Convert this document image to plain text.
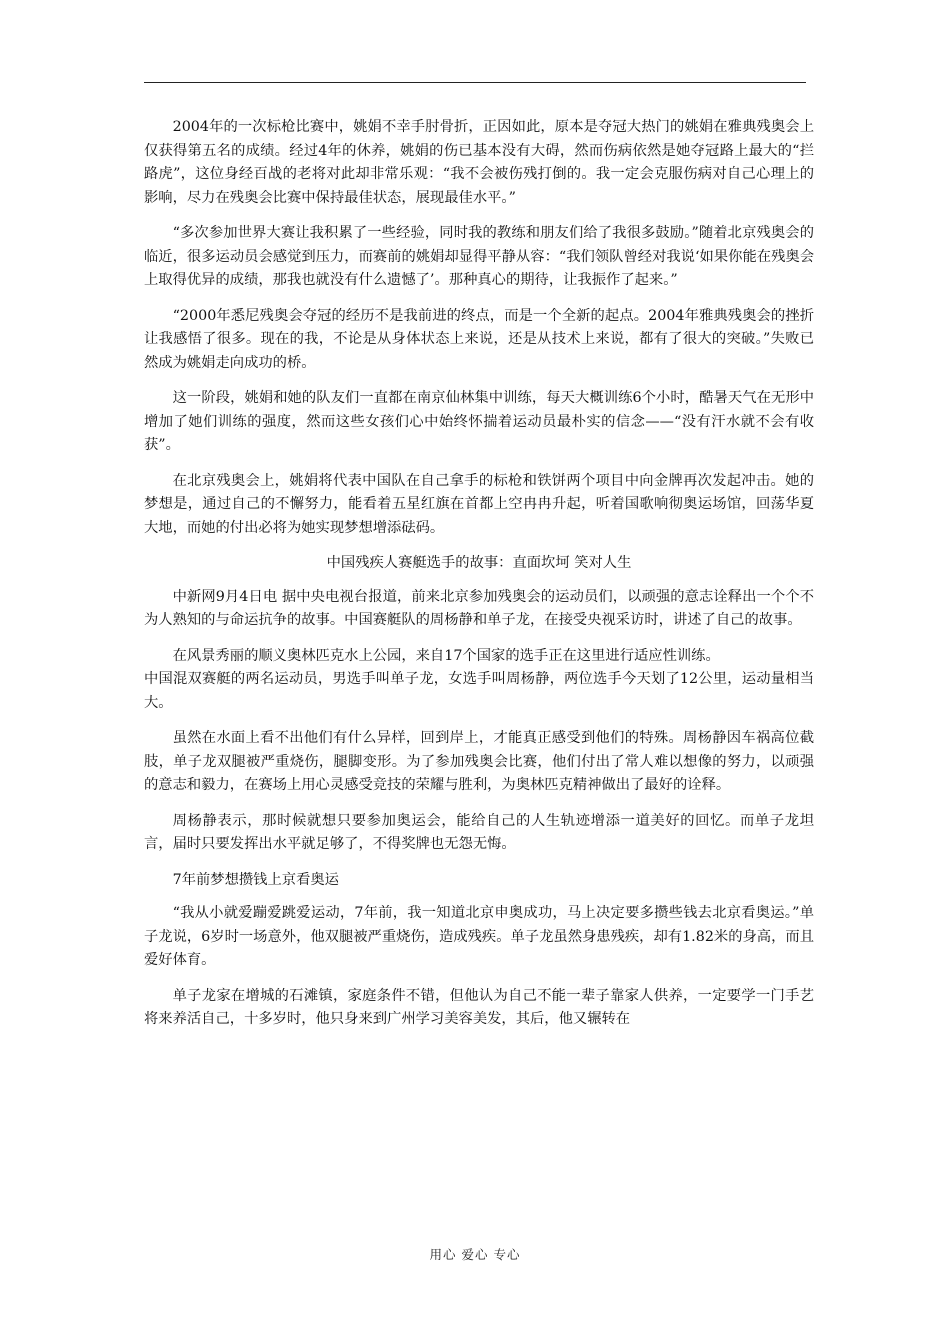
2004年的一次标枪比赛中，姚娟不幸手肘骨折，正因如此，原本是夺冠大热门的姚娟在雅典残奥会上仅获得第五名的成绩。经过4年的休养，姚娟的伤已基本没有大碍，然而伤病依然是她夺冠路上最大的“拦路虎”，这位身经百战的老将对此却非常乐观：“我不会被伤残打倒的。我一定会克服伤病对自己心理上的影响，尽力在残奥会比赛中保持最佳状态，展现最佳水平。”

“多次参加世界大赛让我积累了一些经验，同时我的教练和朋友们给了我很多鼓励。”随着北京残奥会的临近，很多运动员会感觉到压力，而赛前的姚娟却显得平静从容：“我们领队曾经对我说‘如果你能在残奥会上取得优异的成绩，那我也就没有什么遗憾了’。那种真心的期待，让我振作了起来。”

“2000年悉尼残奥会夺冠的经历不是我前进的终点，而是一个全新的起点。2004年雅典残奥会的挫折让我感悟了很多。现在的我，不论是从身体状态上来说，还是从技术上来说，都有了很大的突破。”失败已然成为姚娟走向成功的桥。

这一阶段，姚娟和她的队友们一直都在南京仙林集中训练，每天大概训练6个小时，酷暑天气在无形中增加了她们训练的强度，然而这些女孩们心中始终怀揣着运动员最朴实的信念——“没有汗水就不会有收获”。

在北京残奥会上，姚娟将代表中国队在自己拿手的标枪和铁饼两个项目中向金牌再次发起冲击。她的梦想是，通过自己的不懈努力，能看着五星红旗在首都上空冉冉升起，听着国歌响彻奥运场馆，回荡华夏大地，而她的付出必将为她实现梦想增添砝码。

中国残疾人赛艇选手的故事：直面坎坷 笑对人生

中新网9月4日电 据中央电视台报道，前来北京参加残奥会的运动员们，以顽强的意志诠释出一个个不为人熟知的与命运抗争的故事。中国赛艇队的周杨静和单子龙，在接受央视采访时，讲述了自己的故事。

在风景秀丽的顺义奥林匹克水上公园，来自17个国家的选手正在这里进行适应性训练。

中国混双赛艇的两名运动员，男选手叫单子龙，女选手叫周杨静，两位选手今天划了12公里，运动量相当大。

虽然在水面上看不出他们有什么异样，回到岸上，才能真正感受到他们的特殊。周杨静因车祸高位截肢，单子龙双腿被严重烧伤，腿脚变形。为了参加残奥会比赛，他们付出了常人难以想像的努力，以顽强的意志和毅力，在赛场上用心灵感受竞技的荣耀与胜利，为奥林匹克精神做出了最好的诠释。

周杨静表示，那时候就想只要参加奥运会，能给自己的人生轨迹增添一道美好的回忆。而单子龙坦言，届时只要发挥出水平就足够了，不得奖牌也无怨无悔。

7年前梦想攒钱上京看奥运

“我从小就爱蹦爱跳爱运动，7年前，我一知道北京申奥成功，马上决定要多攒些钱去北京看奥运。”单子龙说，6岁时一场意外，他双腿被严重烧伤，造成残疾。单子龙虽然身患残疾，却有1.82米的身高，而且爱好体育。

单子龙家在增城的石滩镇，家庭条件不错，但他认为自己不能一辈子靠家人供养，一定要学一门手艺将来养活自己，十多岁时，他只身来到广州学习美容美发，其后，他又辗转在

用心 爱心 专心
